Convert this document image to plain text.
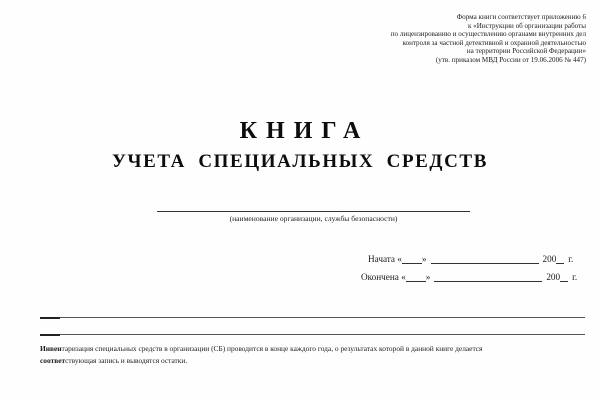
Форма книги соответствует приложению 6
к «Инструкции об организации работы
по лицензированию и осуществлению органами внутренних дел
контроля за частной детективной и охранной деятельностью
на территории Российской Федерации»
(утв. приказом МВД России от 19.06.2006 № 447)
КНИГА
УЧЕТА СПЕЦИАЛЬНЫХ СРЕДСТВ
(наименование организации, службы безопасности)
Начата « »	200 г.
Окончена « »	200 г.
Инвентаризация специальных средств в организации (СБ) проводится в конце каждого года, о результатах которой в данной книге делается
соответствующая запись и выводятся остатки.
